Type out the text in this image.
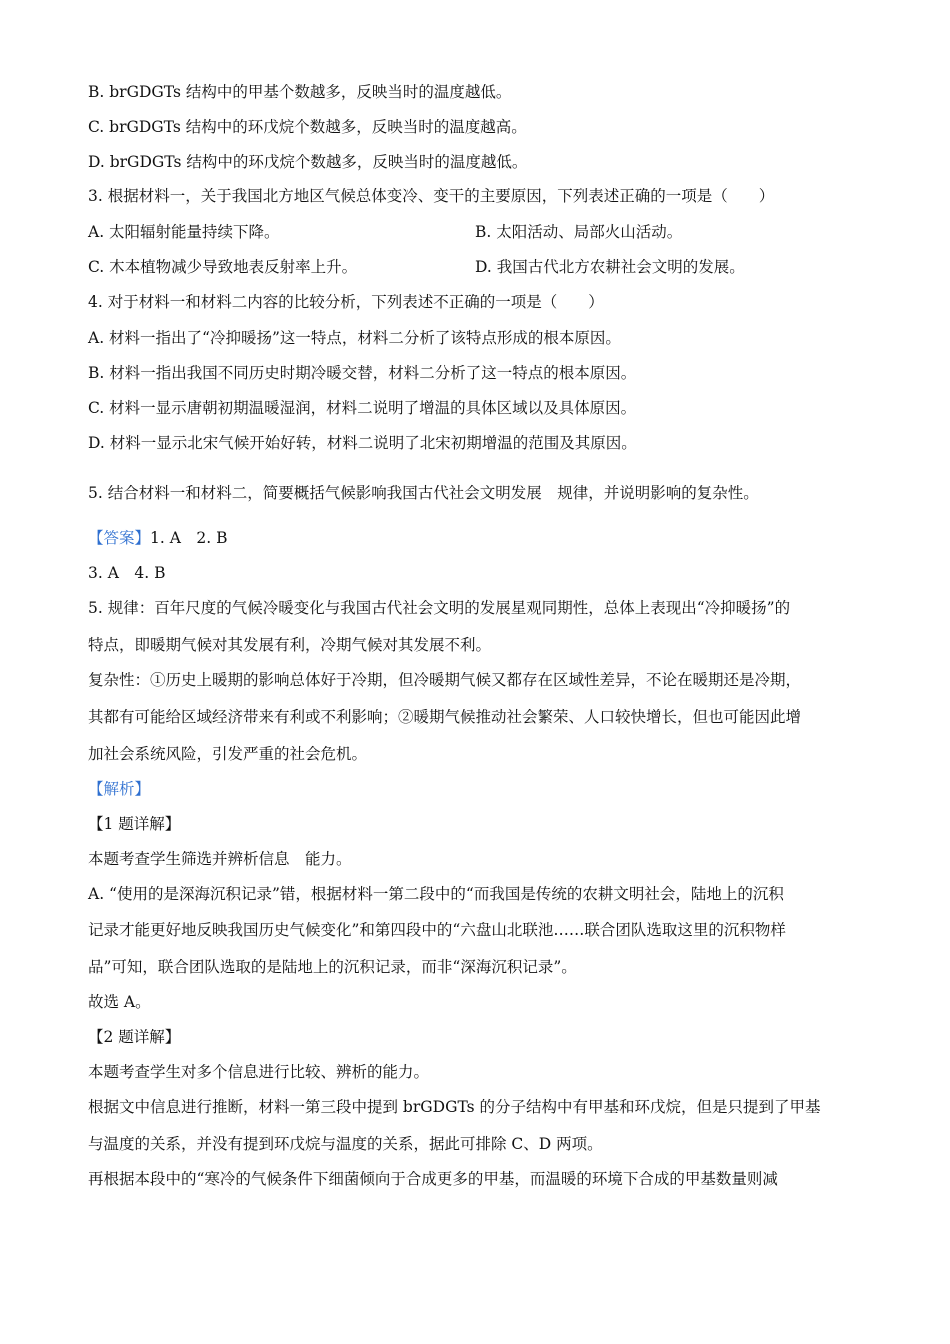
B. brGDGTs 结构中的甲基个数越多，反映当时的温度越低。
C. brGDGTs 结构中的环戊烷个数越多，反映当时的温度越高。
D. brGDGTs 结构中的环戊烷个数越多，反映当时的温度越低。
3. 根据材料一，关于我国北方地区气候总体变冷、变干的主要原因，下列表述正确的一项是（　　）
A. 太阳辐射能量持续下降。	B. 太阳活动、局部火山活动。
C. 木本植物减少导致地表反射率上升。	D. 我国古代北方农耕社会文明的发展。
4. 对于材料一和材料二内容的比较分析，下列表述不正确的一项是（　　）
A. 材料一指出了“冷抑暖扬”这一特点，材料二分析了该特点形成的根本原因。
B. 材料一指出我国不同历史时期冷暖交替，材料二分析了这一特点的根本原因。
C. 材料一显示唐朝初期温暖湿润，材料二说明了增温的具体区域以及具体原因。
D. 材料一显示北宋气候开始好转，材料二说明了北宋初期增温的范围及其原因。
5. 结合材料一和材料二，简要概括气候影响我国古代社会文明发展　规律，并说明影响的复杂性。
【答案】1. A　2. B
3. A　4. B
5. 规律：百年尺度的气候冷暖变化与我国古代社会文明的发展星观同期性，总体上表现出“冷抑暖扬”的
特点，即暖期气候对其发展有利，冷期气候对其发展不利。
复杂性：①历史上暖期的影响总体好于冷期，但冷暖期气候又都存在区域性差异，不论在暖期还是冷期，
其都有可能给区域经济带来有利或不利影响；②暖期气候推动社会繁荣、人口较快增长，但也可能因此增
加社会系统风险，引发严重的社会危机。
【解析】
【1 题详解】
本题考查学生筛选并辨析信息　能力。
A. “使用的是深海沉积记录”错，根据材料一第二段中的“而我国是传统的农耕文明社会，陆地上的沉积
记录才能更好地反映我国历史气候变化”和第四段中的“六盘山北联池……联合团队选取这里的沉积物样
品”可知，联合团队选取的是陆地上的沉积记录，而非“深海沉积记录”。
故选 A。
【2 题详解】
本题考查学生对多个信息进行比较、辨析的能力。
根据文中信息进行推断，材料一第三段中提到 brGDGTs 的分子结构中有甲基和环戊烷，但是只提到了甲基
与温度的关系，并没有提到环戊烷与温度的关系，据此可排除 C、D 两项。
再根据本段中的“寒冷的气候条件下细菌倾向于合成更多的甲基，而温暖的环境下合成的甲基数量则减
